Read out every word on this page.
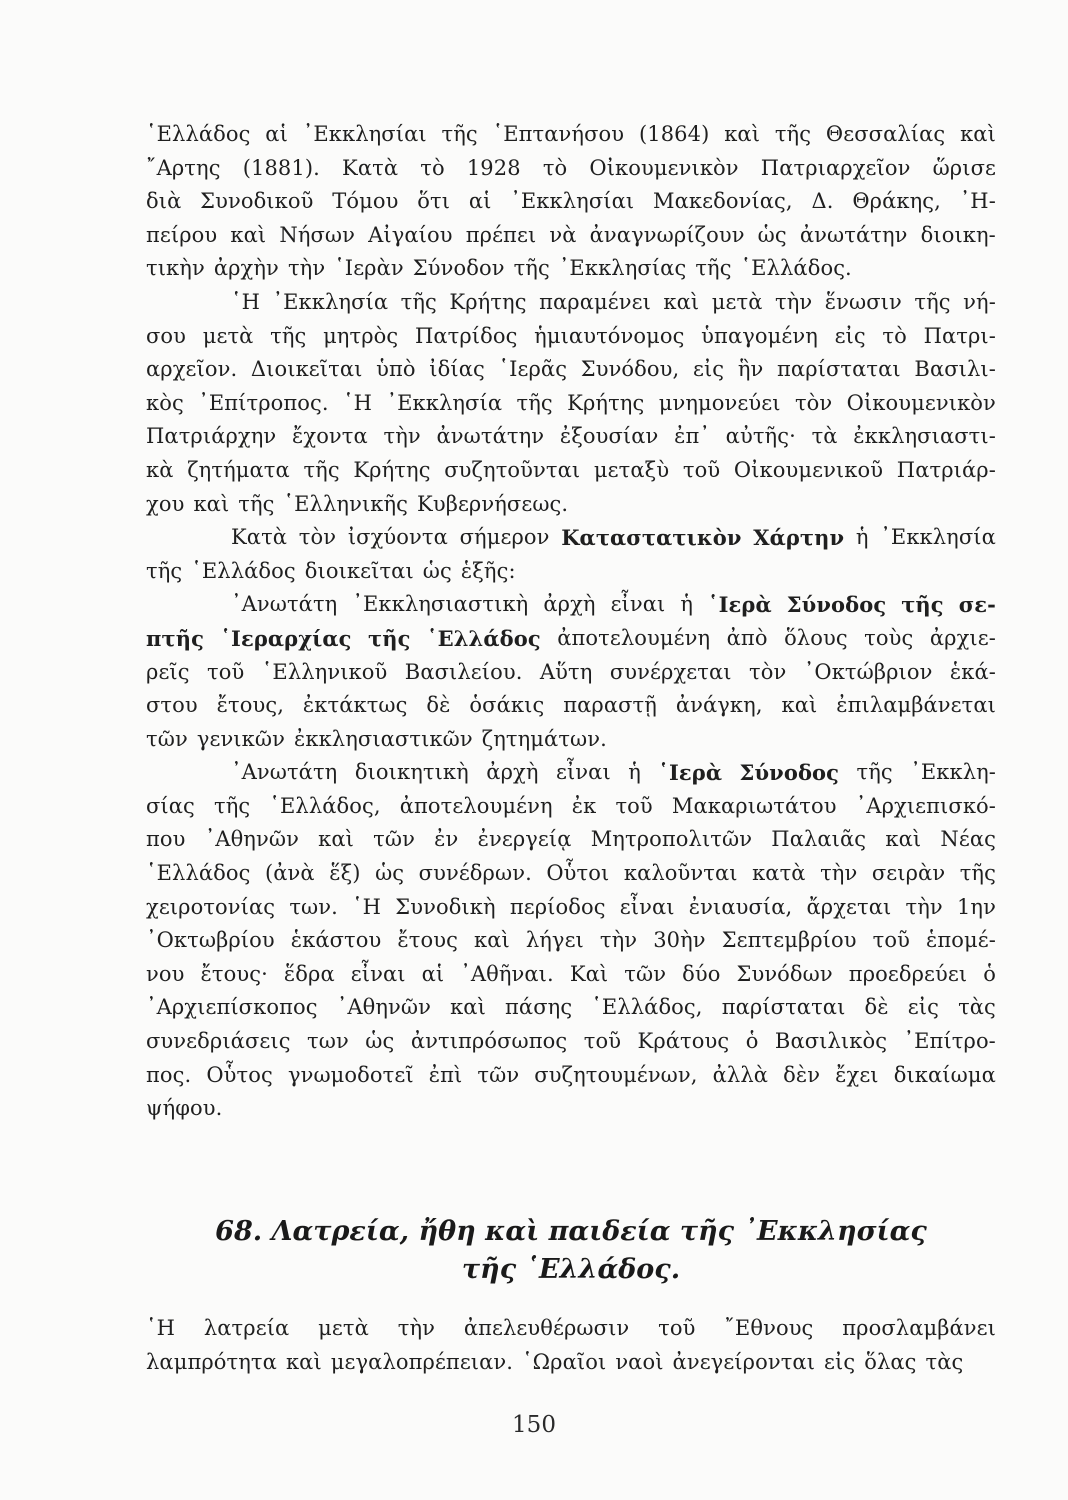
῾Ελλάδος αἱ ᾿Εκκλησίαι τῆς ῾Επτανήσου (1864) καὶ τῆς Θεσσαλίας καὶ
῎Αρτης (1881). Κατὰ τὸ 1928 τὸ Οἰκουμενικὸν Πατριαρχεῖον ὥρισε
διὰ Συνοδικοῦ Τόμου ὅτι αἱ ᾿Εκκλησίαι Μακεδονίας, Δ. Θράκης, ᾿Η-
πείρου καὶ Νήσων Αἰγαίου πρέπει νὰ ἀναγνωρίζουν ὡς ἀνωτάτην διοικη-
τικὴν ἀρχὴν τὴν ῾Ιερὰν Σύνοδον τῆς ᾿Εκκλησίας τῆς ῾Ελλάδος.
῾Η ᾿Εκκλησία τῆς Κρήτης παραμένει καὶ μετὰ τὴν ἕνωσιν τῆς νή-
σου μετὰ τῆς μητρὸς Πατρίδος ἡμιαυτόνομος ὑπαγομένη εἰς τὸ Πατρι-
αρχεῖον. Διοικεῖται ὑπὸ ἰδίας ῾Ιερᾶς Συνόδου, εἰς ἣν παρίσταται Βασιλι-
κὸς ᾿Επίτροπος. ῾Η ᾿Εκκλησία τῆς Κρήτης μνημονεύει τὸν Οἰκουμενικὸν
Πατριάρχην ἔχοντα τὴν ἀνωτάτην ἐξουσίαν ἐπ᾿ αὐτῆς· τὰ ἐκκλησιαστι-
κὰ ζητήματα τῆς Κρήτης συζητοῦνται μεταξὺ τοῦ Οἰκουμενικοῦ Πατριάρ-
χου καὶ τῆς ῾Ελληνικῆς Κυβερνήσεως.
Κατὰ τὸν ἰσχύοντα σήμερον Καταστατικὸν Χάρτην ἡ ᾿Εκκλησία
τῆς ῾Ελλάδος διοικεῖται ὡς ἑξῆς:
᾿Ανωτάτη ᾿Εκκλησιαστικὴ ἀρχὴ εἶναι ἡ ῾Ιερὰ Σύνοδος τῆς σε-
πτῆς ῾Ιεραρχίας τῆς ῾Ελλάδος ἀποτελουμένη ἀπὸ ὅλους τοὺς ἀρχιε-
ρεῖς τοῦ ῾Ελληνικοῦ Βασιλείου. Αὕτη συνέρχεται τὸν ᾿Οκτώβριον ἑκά-
στου ἔτους, ἐκτάκτως δὲ ὁσάκις παραστῇ ἀνάγκη, καὶ ἐπιλαμβάνεται
τῶν γενικῶν ἐκκλησιαστικῶν ζητημάτων.
᾿Ανωτάτη διοικητικὴ ἀρχὴ εἶναι ἡ ῾Ιερὰ Σύνοδος τῆς ᾿Εκκλη-
σίας τῆς ῾Ελλάδος, ἀποτελουμένη ἐκ τοῦ Μακαριωτάτου ᾿Αρχιεπισκό-
που ᾿Αθηνῶν καὶ τῶν ἐν ἐνεργείᾳ Μητροπολιτῶν Παλαιᾶς καὶ Νέας
῾Ελλάδος (ἀνὰ ἕξ) ὡς συνέδρων. Οὗτοι καλοῦνται κατὰ τὴν σειρὰν τῆς
χειροτονίας των. ῾Η Συνοδικὴ περίοδος εἶναι ἐνιαυσία, ἄρχεται τὴν 1ην
᾿Οκτωβρίου ἑκάστου ἔτους καὶ λήγει τὴν 30ὴν Σεπτεμβρίου τοῦ ἑπομέ-
νου ἔτους· ἕδρα εἶναι αἱ ᾿Αθῆναι. Καὶ τῶν δύο Συνόδων προεδρεύει ὁ
᾿Αρχιεπίσκοπος ᾿Αθηνῶν καὶ πάσης ῾Ελλάδος, παρίσταται δὲ εἰς τὰς
συνεδριάσεις των ὡς ἀντιπρόσωπος τοῦ Κράτους ὁ Βασιλικὸς ᾿Επίτρο-
πος. Οὗτος γνωμοδοτεῖ ἐπὶ τῶν συζητουμένων, ἀλλὰ δὲν ἔχει δικαίωμα
ψήφου.
68. Λατρεία, ἤθη καὶ παιδεία τῆς ᾿Εκκλησίας
τῆς ῾Ελλάδος.
῾Η λατρεία μετὰ τὴν ἀπελευθέρωσιν τοῦ ῎Εθνους προσλαμβάνει
λαμπρότητα καὶ μεγαλοπρέπειαν. ῾Ωραῖοι ναοὶ ἀνεγείρονται εἰς ὅλας τὰς
150
